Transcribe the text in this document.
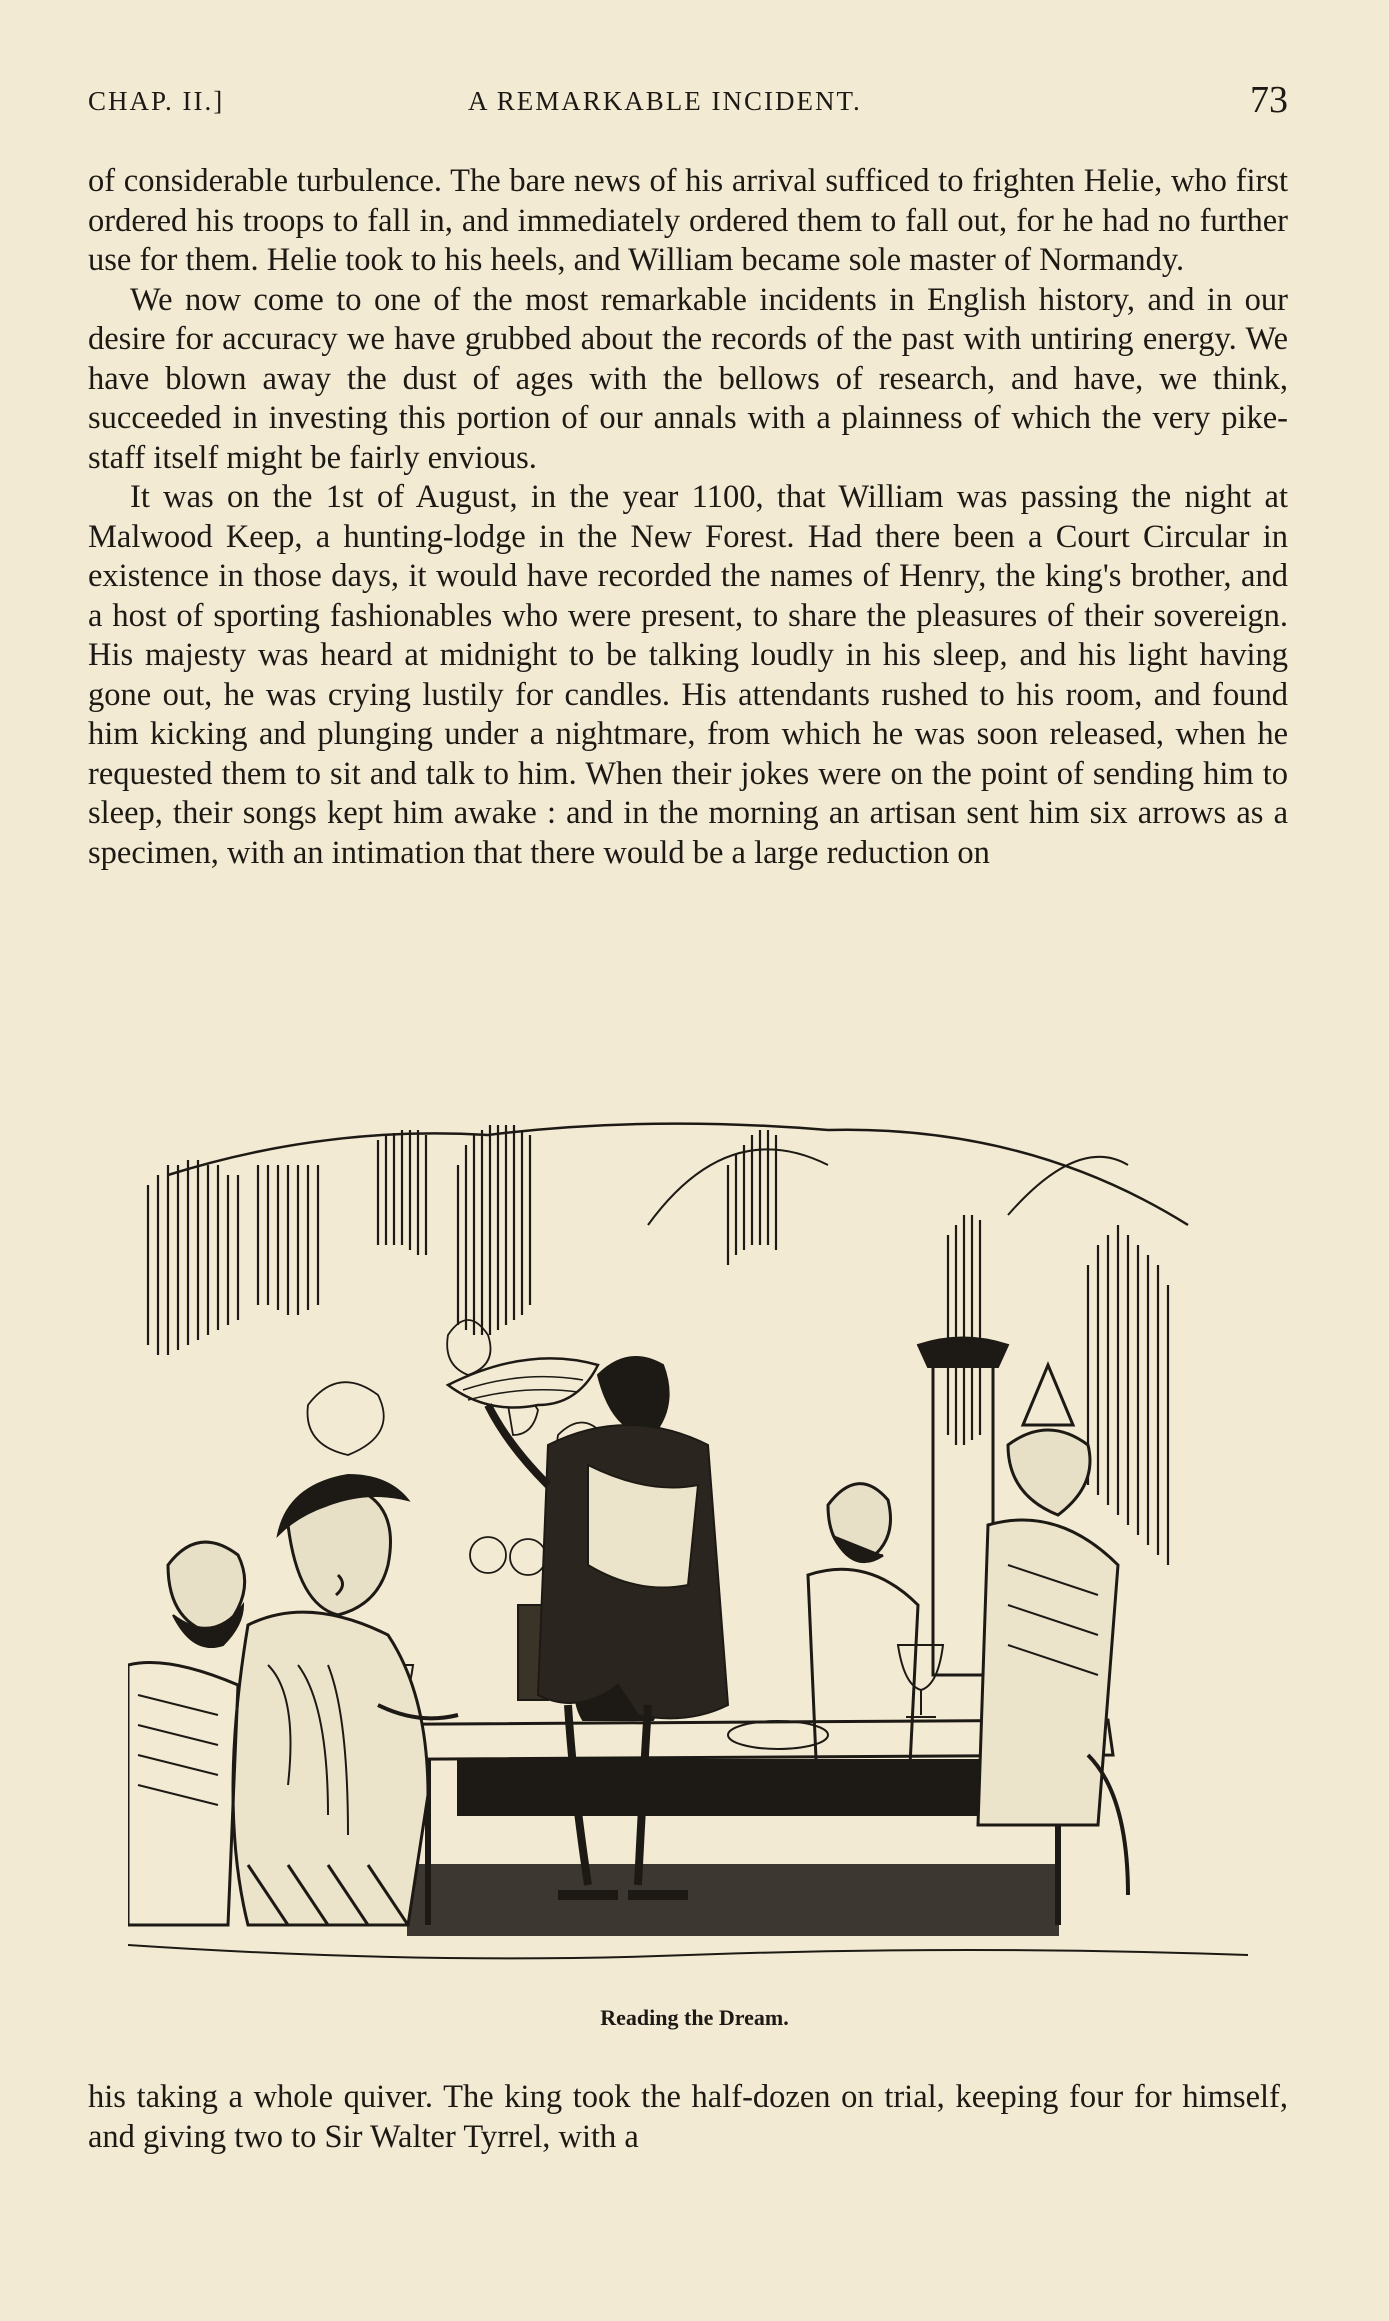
CHAP. II.]	A REMARKABLE INCIDENT.	73

of considerable turbulence. The bare news of his arrival sufficed to frighten Helie, who first ordered his troops to fall in, and immediately ordered them to fall out, for he had no further use for them. Helie took to his heels, and William became sole master of Normandy.

We now come to one of the most remarkable incidents in English history, and in our desire for accuracy we have grubbed about the records of the past with untiring energy. We have blown away the dust of ages with the bellows of research, and have, we think, succeeded in investing this portion of our annals with a plainness of which the very pike-staff itself might be fairly envious.

It was on the 1st of August, in the year 1100, that William was passing the night at Malwood Keep, a hunting-lodge in the New Forest. Had there been a Court Circular in existence in those days, it would have recorded the names of Henry, the king's brother, and a host of sporting fashionables who were present, to share the pleasures of their sovereign. His majesty was heard at midnight to be talking loudly in his sleep, and his light having gone out, he was crying lustily for candles. His attendants rushed to his room, and found him kicking and plunging under a nightmare, from which he was soon released, when he requested them to sit and talk to him. When their jokes were on the point of sending him to sleep, their songs kept him awake : and in the morning an artisan sent him six arrows as a specimen, with an intimation that there would be a large reduction on

Reading the Dream.

his taking a whole quiver. The king took the half-dozen on trial, keeping four for himself, and giving two to Sir Walter Tyrrel, with a
